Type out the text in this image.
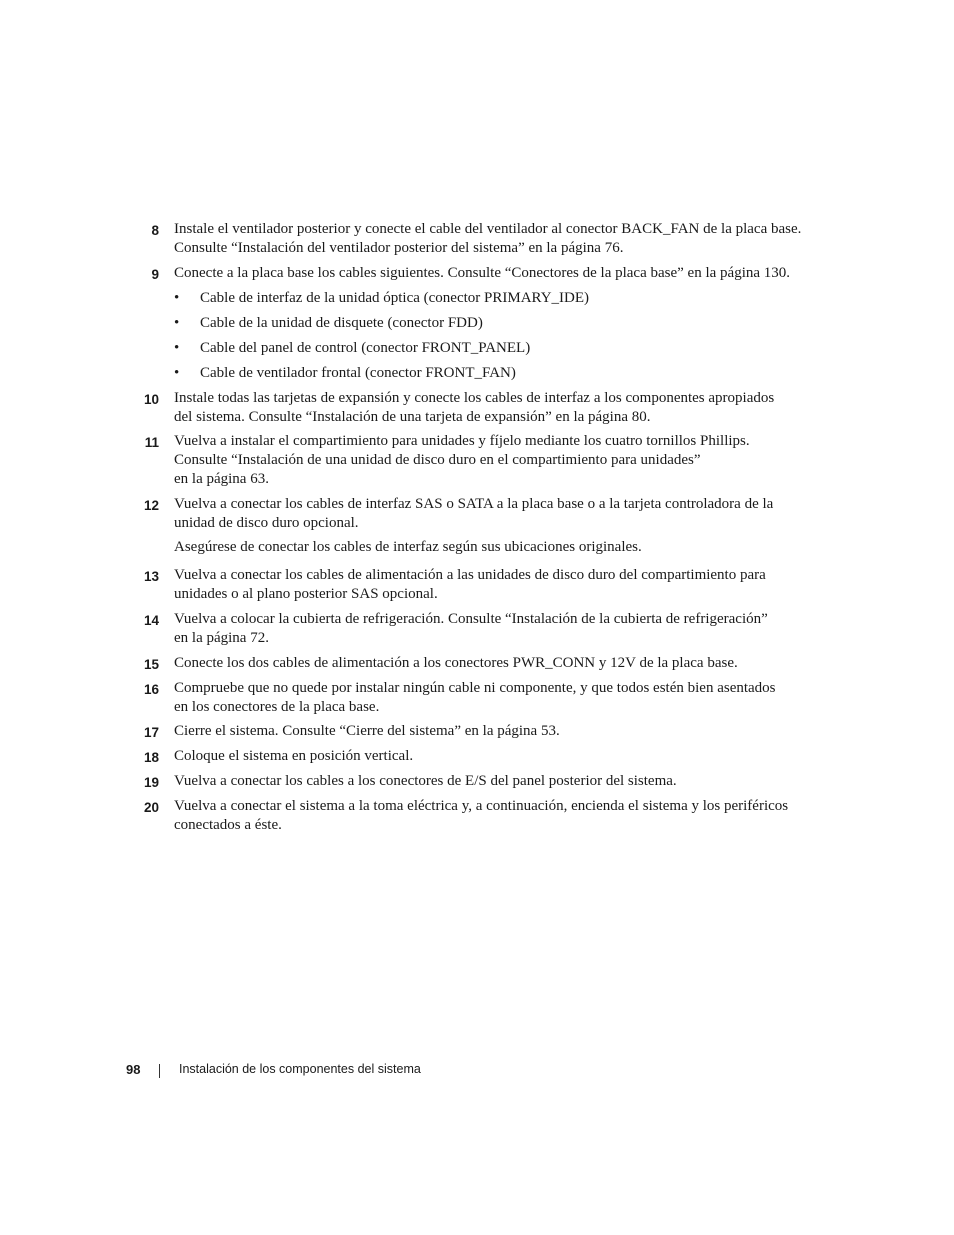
8 Instale el ventilador posterior y conecte el cable del ventilador al conector BACK_FAN de la placa base.
Consulte “Instalación del ventilador posterior del sistema” en la página 76.
9 Conecte a la placa base los cables siguientes. Consulte “Conectores de la placa base” en la página 130.
• Cable de interfaz de la unidad óptica (conector PRIMARY_IDE)
• Cable de la unidad de disquete (conector FDD)
• Cable del panel de control (conector FRONT_PANEL)
• Cable de ventilador frontal (conector FRONT_FAN)
10 Instale todas las tarjetas de expansión y conecte los cables de interfaz a los componentes apropiados
del sistema. Consulte “Instalación de una tarjeta de expansión” en la página 80.
11 Vuelva a instalar el compartimiento para unidades y fíjelo mediante los cuatro tornillos Phillips.
Consulte “Instalación de una unidad de disco duro en el compartimiento para unidades”
en la página 63.
12 Vuelva a conectar los cables de interfaz SAS o SATA a la placa base o a la tarjeta controladora de la
unidad de disco duro opcional.
Asegúrese de conectar los cables de interfaz según sus ubicaciones originales.
13 Vuelva a conectar los cables de alimentación a las unidades de disco duro del compartimiento para
unidades o al plano posterior SAS opcional.
14 Vuelva a colocar la cubierta de refrigeración. Consulte “Instalación de la cubierta de refrigeración”
en la página 72.
15 Conecte los dos cables de alimentación a los conectores PWR_CONN y 12V de la placa base.
16 Compruebe que no quede por instalar ningún cable ni componente, y que todos estén bien asentados
en los conectores de la placa base.
17 Cierre el sistema. Consulte “Cierre del sistema” en la página 53.
18 Coloque el sistema en posición vertical.
19 Vuelva a conectar los cables a los conectores de E/S del panel posterior del sistema.
20 Vuelva a conectar el sistema a la toma eléctrica y, a continuación, encienda el sistema y los periféricos
conectados a éste.
98	Instalación de los componentes del sistema
